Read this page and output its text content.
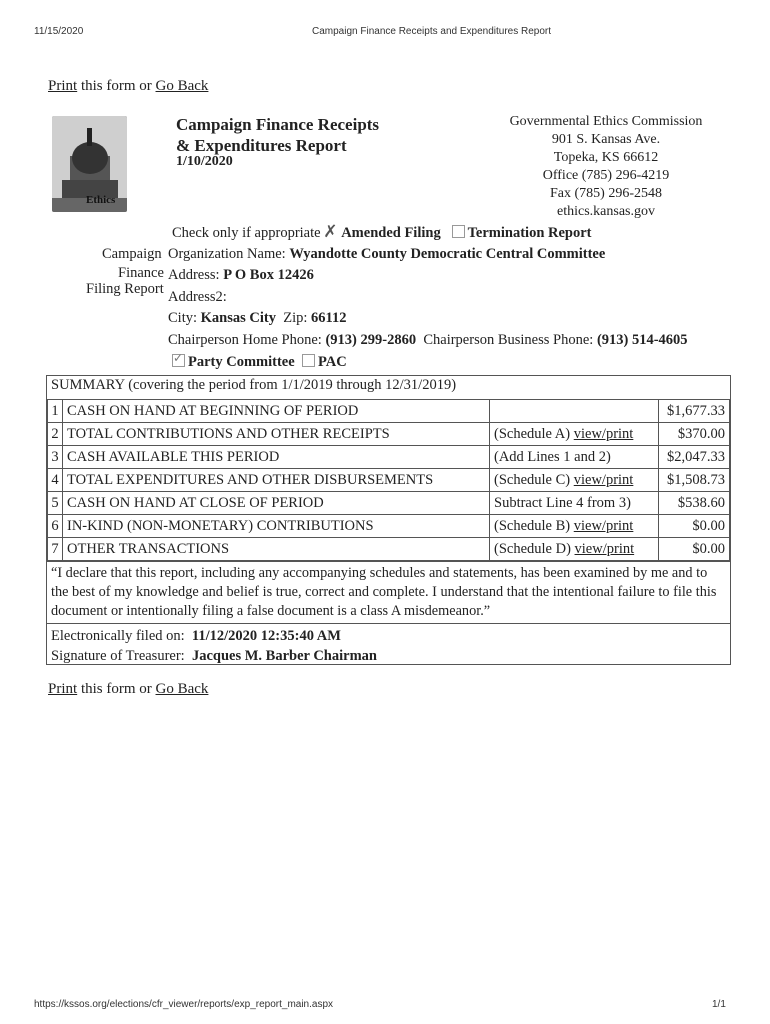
11/15/2020	Campaign Finance Receipts and Expenditures Report
Print this form or Go Back
Ethics
Campaign Finance Receipts
& Expenditures Report
1/10/2020
Governmental Ethics Commission
901 S. Kansas Ave.
Topeka, KS 66612
Office (785) 296-4219
Fax (785) 296-2548
ethics.kansas.gov
Check only if appropriate ✗ Amended Filing Termination Report
Campaign
Finance
Filing Report
Organization Name: Wyandotte County Democratic Central Committee
Address: P O Box 12426
Address2:
City: Kansas City Zip: 66112
Chairperson Home Phone: (913) 299-2860 Chairperson Business Phone: (913) 514-4605
✓Party Committee PAC
SUMMARY (covering the period from 1/1/2019 through 12/31/2019)
1	CASH ON HAND AT BEGINNING OF PERIOD		$1,677.33
2	TOTAL CONTRIBUTIONS AND OTHER RECEIPTS	(Schedule A) view/print	$370.00
3	CASH AVAILABLE THIS PERIOD	(Add Lines 1 and 2)	$2,047.33
4	TOTAL EXPENDITURES AND OTHER DISBURSEMENTS	(Schedule C) view/print	$1,508.73
5	CASH ON HAND AT CLOSE OF PERIOD	Subtract Line 4 from 3)	$538.60
6	IN-KIND (NON-MONETARY) CONTRIBUTIONS	(Schedule B) view/print	$0.00
7	OTHER TRANSACTIONS	(Schedule D) view/print	$0.00
“I declare that this report, including any accompanying schedules and statements, has been examined by me and to the best of my knowledge and belief is true, correct and complete. I understand that the intentional failure to file this document or intentionally filing a false document is a class A misdemeanor.”
Electronically filed on: 11/12/2020 12:35:40 AM
Signature of Treasurer: Jacques M. Barber Chairman
Print this form or Go Back
https://kssos.org/elections/cfr_viewer/reports/exp_report_main.aspx	1/1
